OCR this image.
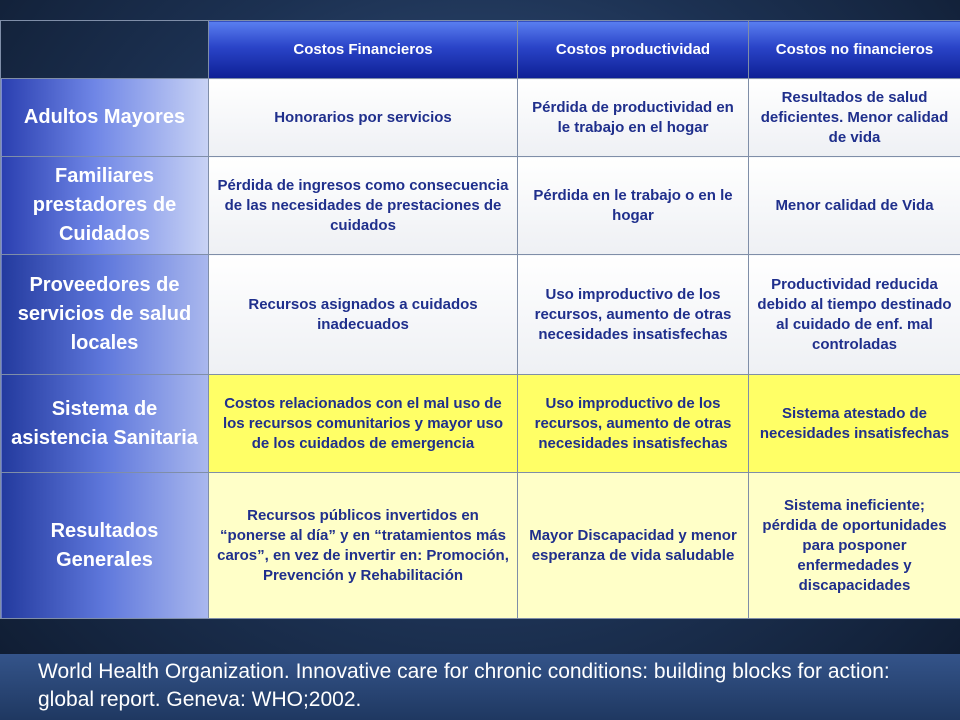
	Costos Financieros	Costos productividad	Costos no financieros
Adultos Mayores	Honorarios por servicios	Pérdida de productividad en le trabajo en el hogar	Resultados de salud deficientes. Menor calidad de vida
Familiares prestadores de Cuidados	Pérdida de ingresos como consecuencia de las necesidades de prestaciones de cuidados	Pérdida en le trabajo o en le hogar	Menor calidad de Vida
Proveedores de servicios de salud locales	Recursos asignados a cuidados inadecuados	Uso improductivo de los recursos, aumento de otras necesidades insatisfechas	Productividad reducida debido al tiempo destinado al cuidado de enf. mal controladas
Sistema de asistencia Sanitaria	Costos relacionados con el mal uso de los recursos comunitarios y mayor uso de los cuidados de emergencia	Uso improductivo de los recursos, aumento de otras necesidades insatisfechas	Sistema atestado de necesidades insatisfechas
Resultados Generales	Recursos públicos invertidos en “ponerse al día” y en “tratamientos más caros”, en vez de invertir en: Promoción, Prevención y Rehabilitación	Mayor Discapacidad y menor esperanza de vida saludable	Sistema ineficiente; pérdida de oportunidades para posponer enfermedades y discapacidades
World Health Organization. Innovative care for chronic conditions: building blocks for action: global report. Geneva: WHO;2002.
